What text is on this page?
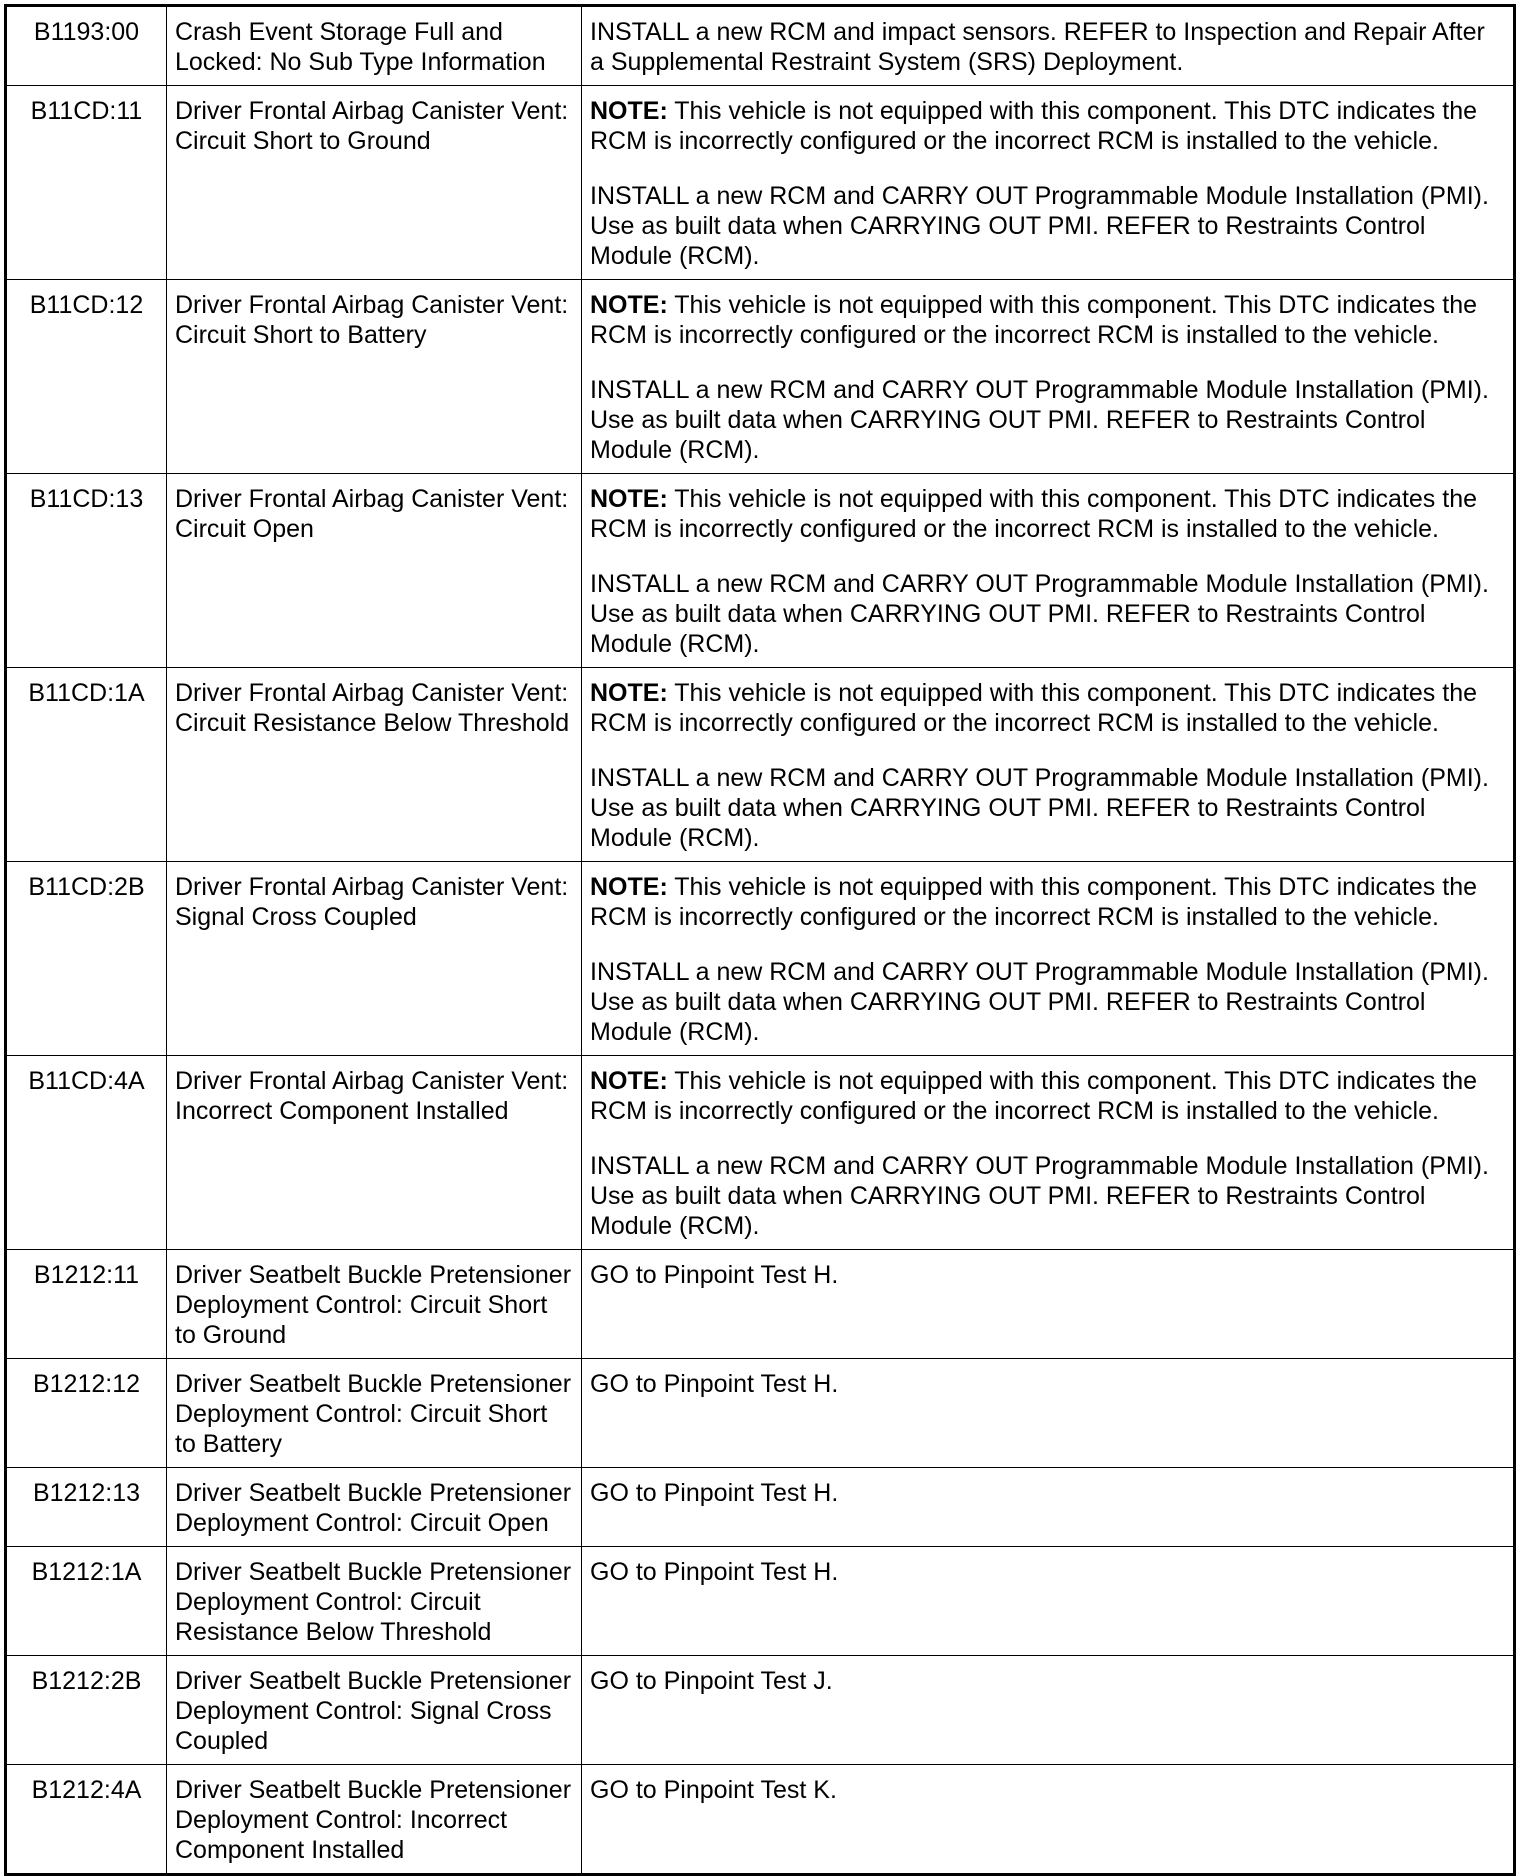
B1193:00	Crash Event Storage Full and Locked: No Sub Type Information	INSTALL a new RCM and impact sensors. REFER to Inspection and Repair After a Supplemental Restraint System (SRS) Deployment.

B11CD:11	Driver Frontal Airbag Canister Vent: Circuit Short to Ground	NOTE: This vehicle is not equipped with this component. This DTC indicates the RCM is incorrectly configured or the incorrect RCM is installed to the vehicle.
INSTALL a new RCM and CARRY OUT Programmable Module Installation (PMI). Use as built data when CARRYING OUT PMI. REFER to Restraints Control Module (RCM).

B11CD:12	Driver Frontal Airbag Canister Vent: Circuit Short to Battery	NOTE: This vehicle is not equipped with this component. This DTC indicates the RCM is incorrectly configured or the incorrect RCM is installed to the vehicle.
INSTALL a new RCM and CARRY OUT Programmable Module Installation (PMI). Use as built data when CARRYING OUT PMI. REFER to Restraints Control Module (RCM).

B11CD:13	Driver Frontal Airbag Canister Vent: Circuit Open	NOTE: This vehicle is not equipped with this component. This DTC indicates the RCM is incorrectly configured or the incorrect RCM is installed to the vehicle.
INSTALL a new RCM and CARRY OUT Programmable Module Installation (PMI). Use as built data when CARRYING OUT PMI. REFER to Restraints Control Module (RCM).

B11CD:1A	Driver Frontal Airbag Canister Vent: Circuit Resistance Below Threshold	NOTE: This vehicle is not equipped with this component. This DTC indicates the RCM is incorrectly configured or the incorrect RCM is installed to the vehicle.
INSTALL a new RCM and CARRY OUT Programmable Module Installation (PMI). Use as built data when CARRYING OUT PMI. REFER to Restraints Control Module (RCM).

B11CD:2B	Driver Frontal Airbag Canister Vent: Signal Cross Coupled	NOTE: This vehicle is not equipped with this component. This DTC indicates the RCM is incorrectly configured or the incorrect RCM is installed to the vehicle.
INSTALL a new RCM and CARRY OUT Programmable Module Installation (PMI). Use as built data when CARRYING OUT PMI. REFER to Restraints Control Module (RCM).

B11CD:4A	Driver Frontal Airbag Canister Vent: Incorrect Component Installed	NOTE: This vehicle is not equipped with this component. This DTC indicates the RCM is incorrectly configured or the incorrect RCM is installed to the vehicle.
INSTALL a new RCM and CARRY OUT Programmable Module Installation (PMI). Use as built data when CARRYING OUT PMI. REFER to Restraints Control Module (RCM).

B1212:11	Driver Seatbelt Buckle Pretensioner Deployment Control: Circuit Short to Ground	GO to Pinpoint Test H.

B1212:12	Driver Seatbelt Buckle Pretensioner Deployment Control: Circuit Short to Battery	GO to Pinpoint Test H.

B1212:13	Driver Seatbelt Buckle Pretensioner Deployment Control: Circuit Open	GO to Pinpoint Test H.

B1212:1A	Driver Seatbelt Buckle Pretensioner Deployment Control: Circuit Resistance Below Threshold	GO to Pinpoint Test H.

B1212:2B	Driver Seatbelt Buckle Pretensioner Deployment Control: Signal Cross Coupled	GO to Pinpoint Test J.

B1212:4A	Driver Seatbelt Buckle Pretensioner Deployment Control: Incorrect Component Installed	GO to Pinpoint Test K.
